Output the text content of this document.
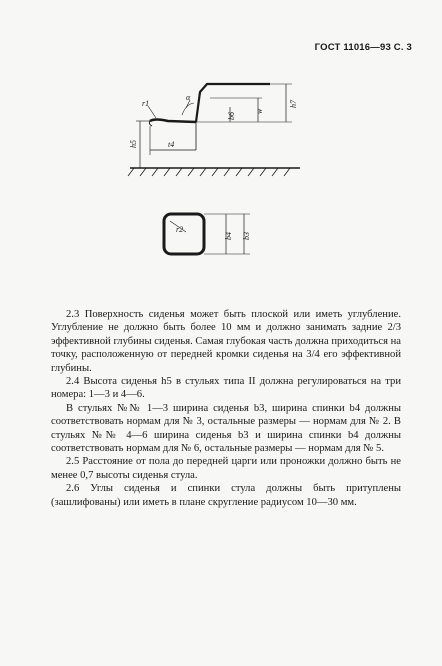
ГОСТ 11016—93 С. 3
r1
α
h7
w
b6
t4
h5
r2
b4 b3

2.3 Поверхность сиденья может быть плоской или иметь углубление. Углубление не должно быть более 10 мм и должно занимать задние 2/3 эффективной глубины сиденья. Самая глубокая часть должна приходиться на точку, расположенную от передней кромки сиденья на 3/4 его эффективной глубины.

2.4 Высота сиденья h5 в стульях типа II должна регулироваться на три номера: 1—3 и 4—6.

В стульях №№ 1—3 ширина сиденья b3, ширина спинки b4 должны соответствовать нормам для № 3, остальные размеры — нормам для № 2. В стульях №№ 4—6 ширина сиденья b3 и ширина спинки b4 должны соответствовать нормам для № 6, остальные размеры — нормам для № 5.

2.5 Расстояние от пола до передней царги или проножки должно быть не менее 0,7 высоты сиденья стула.

2.6 Углы сиденья и спинки стула должны быть притуплены (зашлифованы) или иметь в плане скругление радиусом 10—30 мм.
